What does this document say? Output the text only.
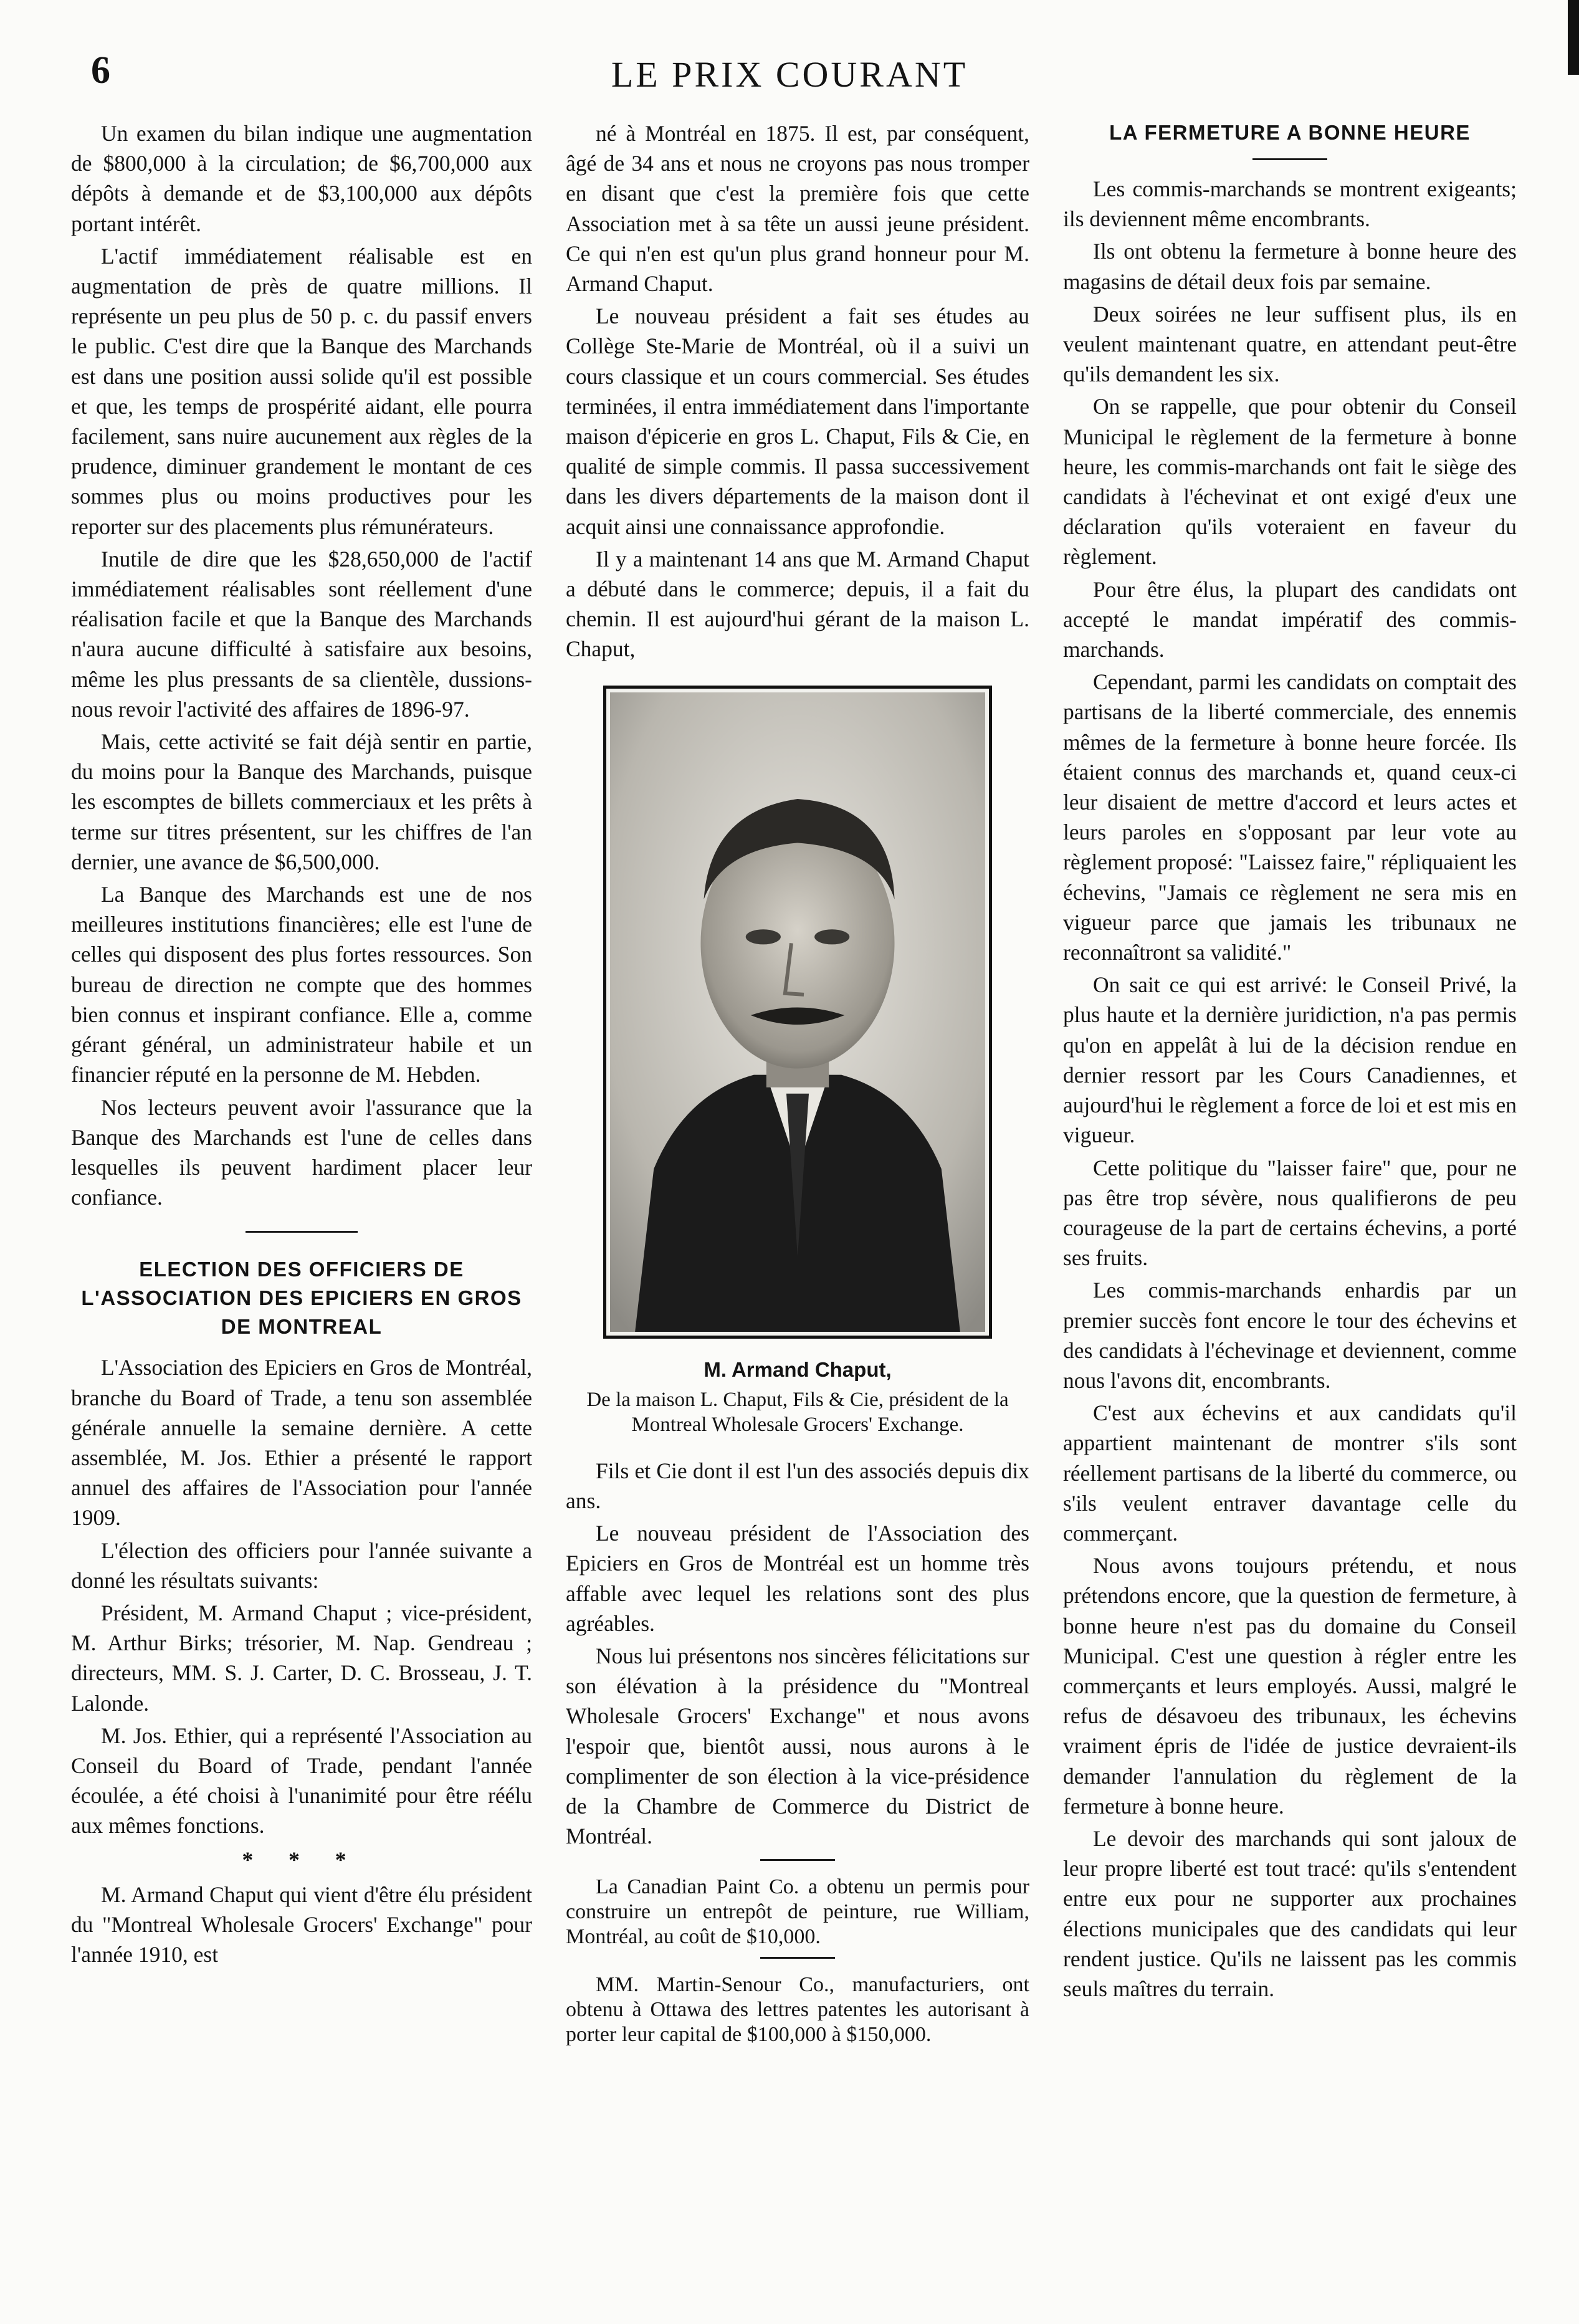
6	LE PRIX COURANT

Un examen du bilan indique une augmentation de $800,000 à la circulation; de $6,700,000 aux dépôts à demande et de $3,100,000 aux dépôts portant intérêt.

L'actif immédiatement réalisable est en augmentation de près de quatre millions. Il représente un peu plus de 50 p. c. du passif envers le public. C'est dire que la Banque des Marchands est dans une position aussi solide qu'il est possible et que, les temps de prospérité aidant, elle pourra facilement, sans nuire aucunement aux règles de la prudence, diminuer grandement le montant de ces sommes plus ou moins productives pour les reporter sur des placements plus rémunérateurs.

Inutile de dire que les $28,650,000 de l'actif immédiatement réalisables sont réellement d'une réalisation facile et que la Banque des Marchands n'aura aucune difficulté à satisfaire aux besoins, même les plus pressants de sa clientèle, dussions-nous revoir l'activité des affaires de 1896-97.

Mais, cette activité se fait déjà sentir en partie, du moins pour la Banque des Marchands, puisque les escomptes de billets commerciaux et les prêts à terme sur titres présentent, sur les chiffres de l'an dernier, une avance de $6,500,000.

La Banque des Marchands est une de nos meilleures institutions financières; elle est l'une de celles qui disposent des plus fortes ressources. Son bureau de direction ne compte que des hommes bien connus et inspirant confiance. Elle a, comme gérant général, un administrateur habile et un financier réputé en la personne de M. Hebden.

Nos lecteurs peuvent avoir l'assurance que la Banque des Marchands est l'une de celles dans lesquelles ils peuvent hardiment placer leur confiance.

ELECTION DES OFFICIERS DE L'ASSOCIATION DES EPICIERS EN GROS DE MONTREAL

L'Association des Epiciers en Gros de Montréal, branche du Board of Trade, a tenu son assemblée générale annuelle la semaine dernière. A cette assemblée, M. Jos. Ethier a présenté le rapport annuel des affaires de l'Association pour l'année 1909.

L'élection des officiers pour l'année suivante a donné les résultats suivants:

Président, M. Armand Chaput ; vice-président, M. Arthur Birks; trésorier, M. Nap. Gendreau ; directeurs, MM. S. J. Carter, D. C. Brosseau, J. T. Lalonde.

M. Jos. Ethier, qui a représenté l'Association au Conseil du Board of Trade, pendant l'année écoulée, a été choisi à l'unanimité pour être réélu aux mêmes fonctions.

* * *

M. Armand Chaput qui vient d'être élu président du "Montreal Wholesale Grocers' Exchange" pour l'année 1910, est

né à Montréal en 1875. Il est, par conséquent, âgé de 34 ans et nous ne croyons pas nous tromper en disant que c'est la première fois que cette Association met à sa tête un aussi jeune président. Ce qui n'en est qu'un plus grand honneur pour M. Armand Chaput.

Le nouveau président a fait ses études au Collège Ste-Marie de Montréal, où il a suivi un cours classique et un cours commercial. Ses études terminées, il entra immédiatement dans l'importante maison d'épicerie en gros L. Chaput, Fils & Cie, en qualité de simple commis. Il passa successivement dans les divers départements de la maison dont il acquit ainsi une connaissance approfondie.

Il y a maintenant 14 ans que M. Armand Chaput a débuté dans le commerce; depuis, il a fait du chemin. Il est aujourd'hui gérant de la maison L. Chaput,

M. Armand Chaput,
De la maison L. Chaput, Fils & Cie, président de la Montreal Wholesale Grocers' Exchange.

Fils et Cie dont il est l'un des associés depuis dix ans.

Le nouveau président de l'Association des Epiciers en Gros de Montréal est un homme très affable avec lequel les relations sont des plus agréables.

Nous lui présentons nos sincères félicitations sur son élévation à la présidence du "Montreal Wholesale Grocers' Exchange" et nous avons l'espoir que, bientôt aussi, nous aurons à le complimenter de son élection à la vice-présidence de la Chambre de Commerce du District de Montréal.

La Canadian Paint Co. a obtenu un permis pour construire un entrepôt de peinture, rue William, Montréal, au coût de $10,000.

MM. Martin-Senour Co., manufacturiers, ont obtenu à Ottawa des lettres patentes les autorisant à porter leur capital de $100,000 à $150,000.

LA FERMETURE A BONNE HEURE

Les commis-marchands se montrent exigeants; ils deviennent même encombrants.

Ils ont obtenu la fermeture à bonne heure des magasins de détail deux fois par semaine.

Deux soirées ne leur suffisent plus, ils en veulent maintenant quatre, en attendant peut-être qu'ils demandent les six.

On se rappelle, que pour obtenir du Conseil Municipal le règlement de la fermeture à bonne heure, les commis-marchands ont fait le siège des candidats à l'échevinat et ont exigé d'eux une déclaration qu'ils voteraient en faveur du règlement.

Pour être élus, la plupart des candidats ont accepté le mandat impératif des commis-marchands.

Cependant, parmi les candidats on comptait des partisans de la liberté commerciale, des ennemis mêmes de la fermeture à bonne heure forcée. Ils étaient connus des marchands et, quand ceux-ci leur disaient de mettre d'accord et leurs actes et leurs paroles en s'opposant par leur vote au règlement proposé: "Laissez faire," répliquaient les échevins, "Jamais ce règlement ne sera mis en vigueur parce que jamais les tribunaux ne reconnaîtront sa validité."

On sait ce qui est arrivé: le Conseil Privé, la plus haute et la dernière juridiction, n'a pas permis qu'on en appelât à lui de la décision rendue en dernier ressort par les Cours Canadiennes, et aujourd'hui le règlement a force de loi et est mis en vigueur.

Cette politique du "laisser faire" que, pour ne pas être trop sévère, nous qualifierons de peu courageuse de la part de certains échevins, a porté ses fruits.

Les commis-marchands enhardis par un premier succès font encore le tour des échevins et des candidats à l'échevinage et deviennent, comme nous l'avons dit, encombrants.

C'est aux échevins et aux candidats qu'il appartient maintenant de montrer s'ils sont réellement partisans de la liberté du commerce, ou s'ils veulent entraver davantage celle du commerçant.

Nous avons toujours prétendu, et nous prétendons encore, que la question de fermeture, à bonne heure n'est pas du domaine du Conseil Municipal. C'est une question à régler entre les commerçants et leurs employés. Aussi, malgré le refus de désavoeu des tribunaux, les échevins vraiment épris de l'idée de justice devraient-ils demander l'annulation du règlement de la fermeture à bonne heure.

Le devoir des marchands qui sont jaloux de leur propre liberté est tout tracé: qu'ils s'entendent entre eux pour ne supporter aux prochaines élections municipales que des candidats qui leur rendent justice. Qu'ils ne laissent pas les commis seuls maîtres du terrain.
